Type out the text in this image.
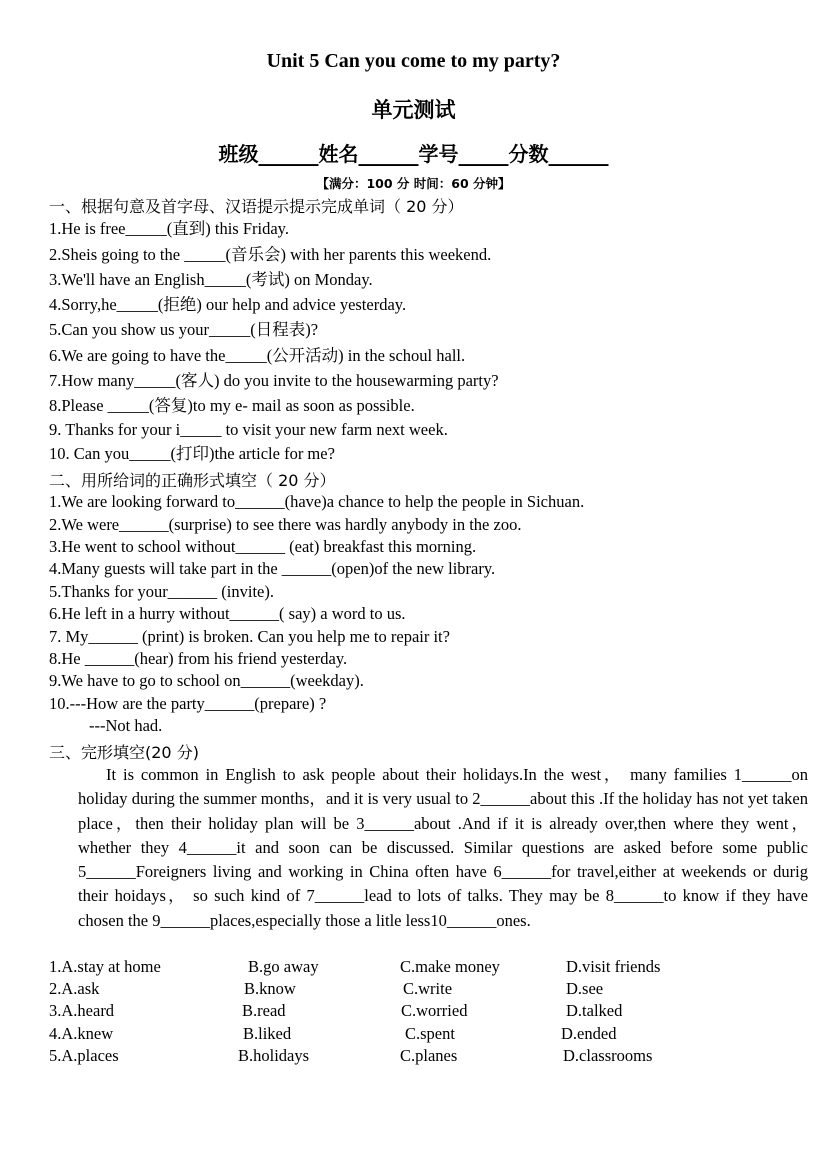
Unit 5 Can you come to my party?
单元测试
班级______姓名______学号_____分数______
【满分：100 分 时间：60 分钟】
一、根据句意及首字母、汉语提示提示完成单词（ 20 分）
1.He is free_____(直到) this Friday.
2.Sheis going to the _____(音乐会) with her parents this weekend.
3.We'll have an English_____(考试) on Monday.
4.Sorry,he_____(拒绝) our help and advice yesterday.
5.Can you show us your_____(日程表)?
6.We are going to have the_____(公开活动) in the schoul hall.
7.How many_____(客人) do you invite to the housewarming party?
8.Please _____(答复)to my e- mail as soon as possible.
9. Thanks for your i_____ to visit your new farm next week.
10. Can you_____(打印)the article for me?
二、用所给词的正确形式填空（ 20 分）
1.We are looking forward to______(have)a chance to help the people in Sichuan.
2.We were______(surprise) to see there was hardly anybody in the zoo.
3.He went to school without______ (eat) breakfast this morning.
4.Many guests will take part in the ______(open)of the new library.
5.Thanks for your______ (invite).
6.He left in a hurry without______( say) a word to us.
7. My______ (print) is broken. Can you help me to repair it?
8.He ______(hear) from his friend yesterday.
9.We have to go to school on______(weekday).
10.---How are the party______(prepare) ?
---Not had.
三、完形填空(20 分)
It is common in English to ask people about their holidays.In the west， many families 1______on holiday during the summer months，and it is very usual to 2______about this .If the holiday has not yet taken place，then their holiday plan will be 3______about .And if it is already over,then where they went， whether they 4______it and soon can be discussed. Similar questions are asked before some public 5______Foreigners living and working in China often have 6______for travel,either at weekends or durig their hoidays， so such kind of 7______lead to lots of talks. They may be 8______to know if they have chosen the 9______places,especially those a litle less10______ones.
1.A.stay at home	B.go away	C.make money	D.visit friends
2.A.ask	B.know	C.write	D.see
3.A.heard	B.read	C.worried	D.talked
4.A.knew	B.liked	C.spent	D.ended
5.A.places	B.holidays	C.planes	D.classrooms
